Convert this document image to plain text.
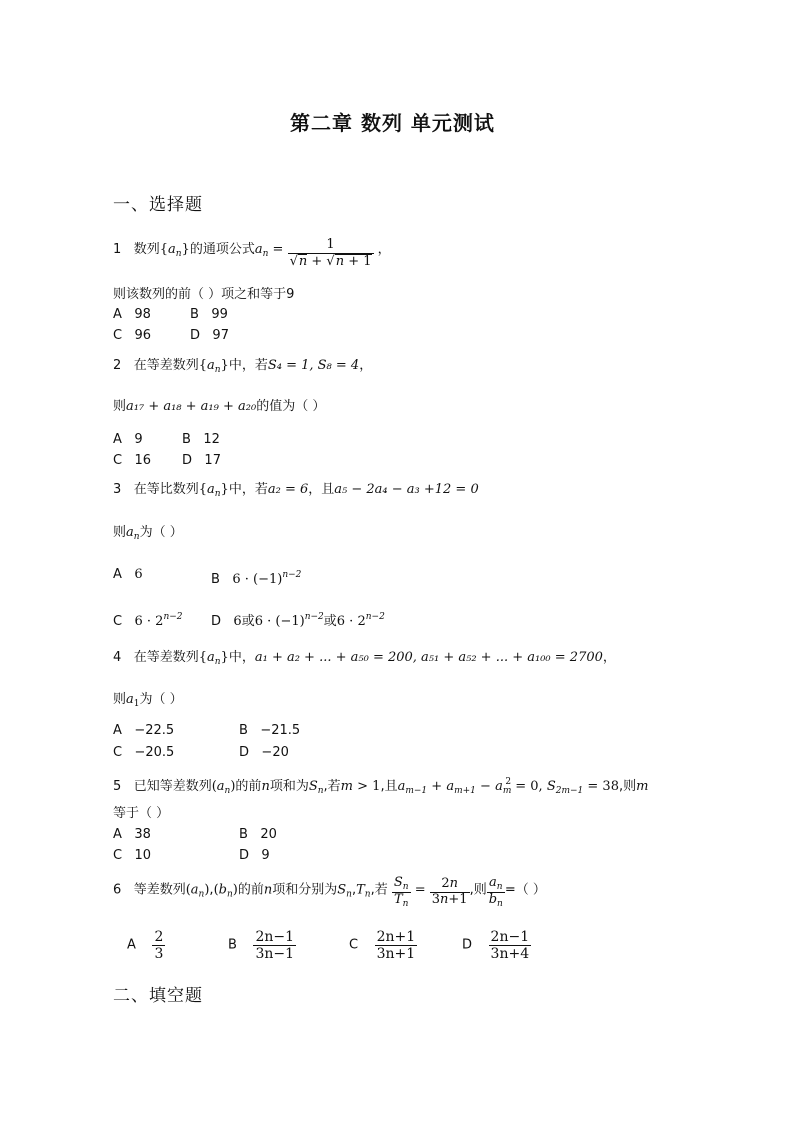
第二章 数列 单元测试
一、选择题
1 数列$\{a_n\}$的通项公式$a_n = \frac{1}{√n + √n + 1}$ ，
则该数列的前（ ）项之和等于9
A 98	B 99
C 96	D 97
2 在等差数列$\{a_n\}$中，若S₄ = 1, S₈ = 4，
则a₁₇ + a₁₈ + a₁₉ + a₂₀的值为（ ）
A 9	B 12
C 16 D 17
3 在等比数列$\{a_n\}$中，若a₂ = 6，且a₅ − 2a₄ − a₃ +12 = 0
则$a_n$为（ ）
A 6	B $6 \cdot (-1)^{n-2}$
C $6 \cdot 2^{n-2}$ D 6或$6 \cdot (-1)^{n-2}$或$6 \cdot 2^{n-2}$
4 在等差数列$\{a_n\}$中，a₁ + a₂ + ... + a₅₀ = 200, a₅₁ + a₅₂ + ... + a₁₀₀ = 2700，
则$a_1$为（ ）
A −22.5	B −21.5
C −20.5	D −20
5 已知等差数列$(a_n)$的前n项和为$S_n$,若m > 1,且$a_{m-1} + a_{m+1} - a_m^2 = 0$, $S_{2m-1} = 38$,则m
等于（ ）
A 38	B 20
C 10	D 9
6 等差数列$(a_n),(b_n)$的前n项和分别为$S_n,T_n$,若 $\frac{S_n}{T_n} = \frac{2n}{3n+1}$ ,则 $\frac{a_n}{b_n}$ =（ ）
A $\frac{2}{3}$	B $\frac{2n-1}{3n-1}$	C $\frac{2n+1}{3n+1}$	D $\frac{2n-1}{3n+4}$
二、填空题
